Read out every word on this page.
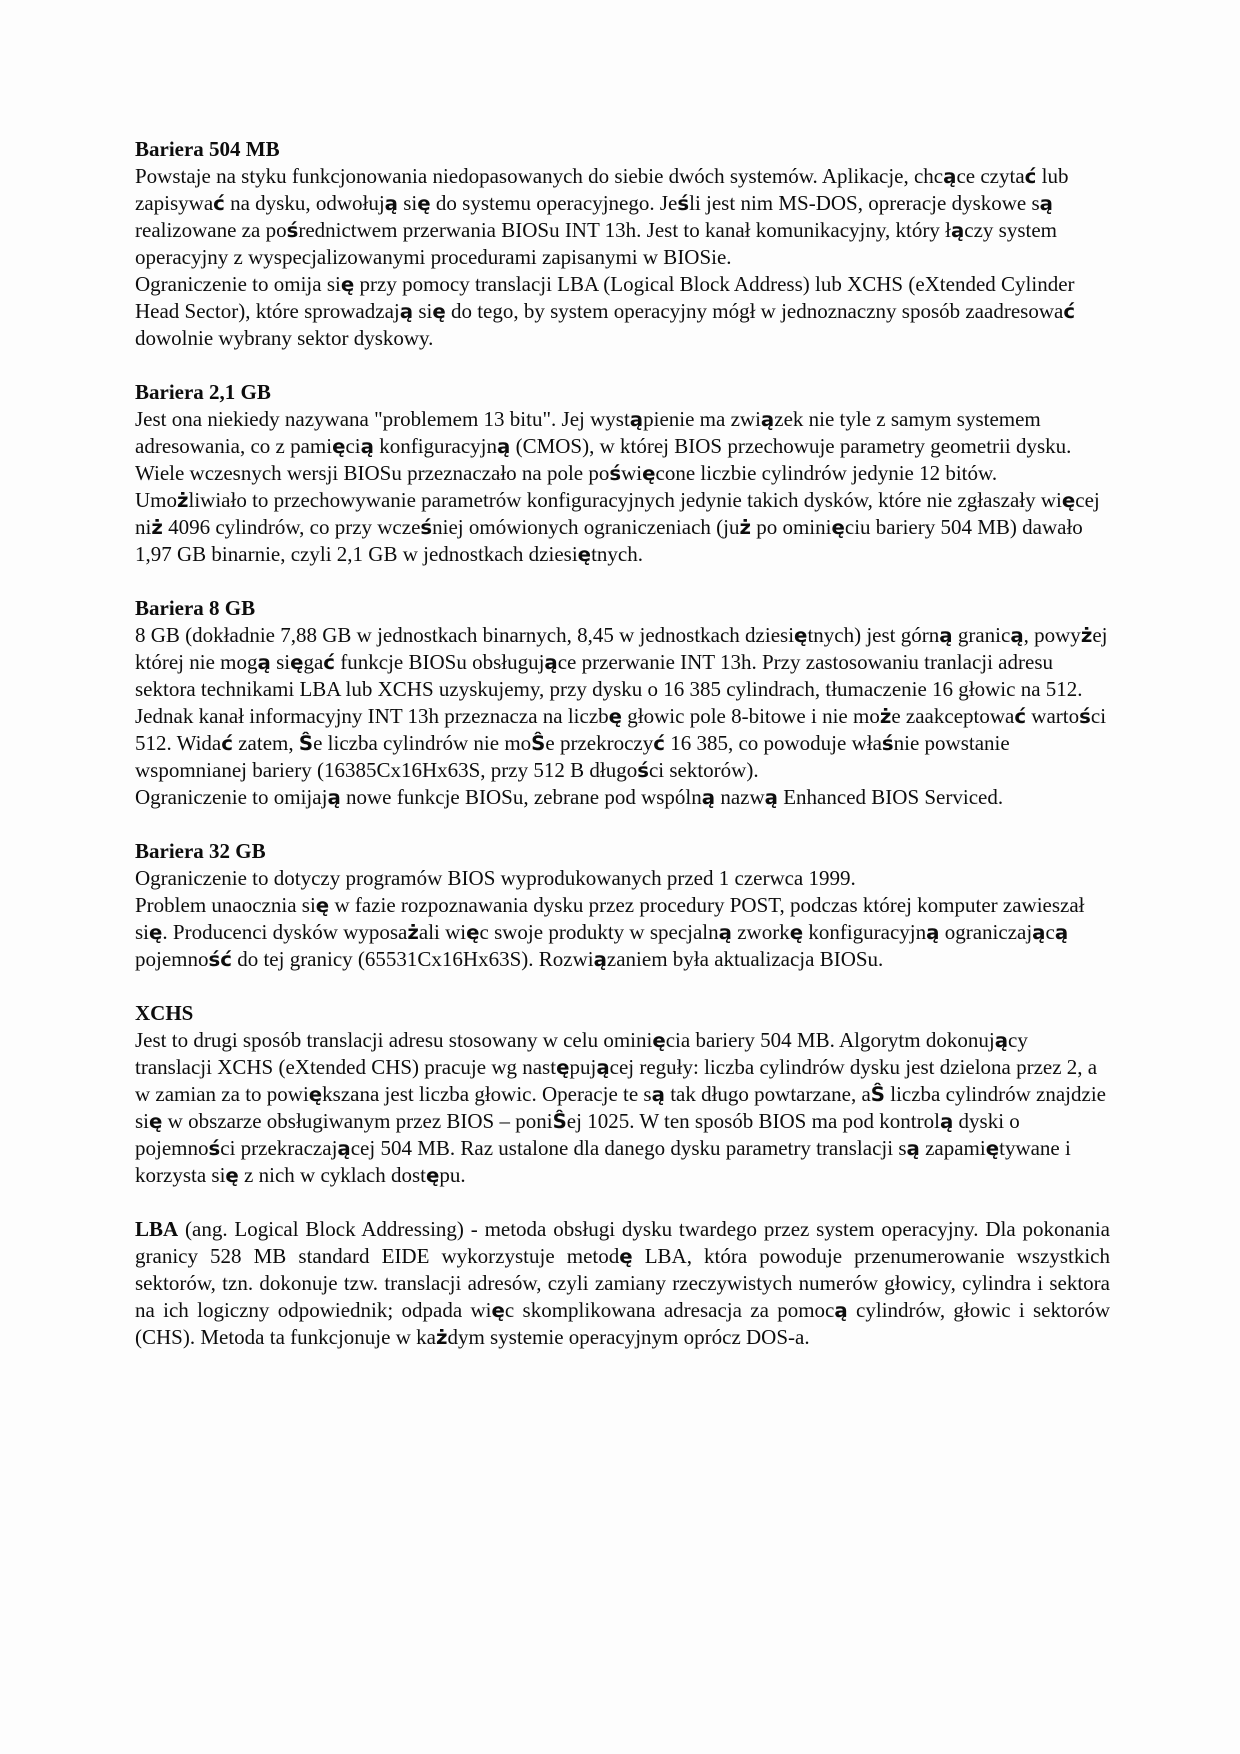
Bariera 504 MB

Powstaje na styku funkcjonowania niedopasowanych do siebie dwóch systemów. Aplikacje, chcące czytać lub zapisywać na dysku, odwołują się do systemu operacyjnego. Jeśli jest nim MS-DOS, opreracje dyskowe są realizowane za pośrednictwem przerwania BIOSu INT 13h. Jest to kanał komunikacyjny, który łączy system operacyjny z wyspecjalizowanymi procedurami zapisanymi w BIOSie.

Ograniczenie to omija się przy pomocy translacji LBA (Logical Block Address) lub XCHS (eXtended Cylinder Head Sector), które sprowadzają się do tego, by system operacyjny mógł w jednoznaczny sposób zaadresować dowolnie wybrany sektor dyskowy.

Bariera 2,1 GB

Jest ona niekiedy nazywana "problemem 13 bitu". Jej wystąpienie ma związek nie tyle z samym systemem adresowania, co z pamięcią konfiguracyjną (CMOS), w której BIOS przechowuje parametry geometrii dysku.

Wiele wczesnych wersji BIOSu przeznaczało na pole poświęcone liczbie cylindrów jedynie 12 bitów. Umożliwiało to przechowywanie parametrów konfiguracyjnych jedynie takich dysków, które nie zgłaszały więcej niż 4096 cylindrów, co przy wcześniej omówionych ograniczeniach (już po ominięciu bariery 504 MB) dawało 1,97 GB binarnie, czyli 2,1 GB w jednostkach dziesiętnych.

Bariera 8 GB

8 GB (dokładnie 7,88 GB w jednostkach binarnych, 8,45 w jednostkach dziesiętnych) jest górną granicą, powyżej której nie mogą sięgać funkcje BIOSu obsługujące przerwanie INT 13h. Przy zastosowaniu tranlacji adresu sektora technikami LBA lub XCHS uzyskujemy, przy dysku o 16 385 cylindrach, tłumaczenie 16 głowic na 512. Jednak kanał informacyjny INT 13h przeznacza na liczbę głowic pole 8-bitowe i nie może zaakceptować wartości 512. Widać zatem, Ŝe liczba cylindrów nie moŜe przekroczyć 16 385, co powoduje właśnie powstanie wspomnianej bariery (16385Cx16Hx63S, przy 512 B długości sektorów).

Ograniczenie to omijają nowe funkcje BIOSu, zebrane pod wspólną nazwą Enhanced BIOS Serviced.

Bariera 32 GB

Ograniczenie to dotyczy programów BIOS wyprodukowanych przed 1 czerwca 1999.

Problem unaocznia się w fazie rozpoznawania dysku przez procedury POST, podczas której komputer zawieszał się. Producenci dysków wyposażali więc swoje produkty w specjalną zworkę konfiguracyjną ograniczającą pojemność do tej granicy (65531Cx16Hx63S). Rozwiązaniem była aktualizacja BIOSu.

XCHS

Jest to drugi sposób translacji adresu stosowany w celu ominięcia bariery 504 MB. Algorytm dokonujący translacji XCHS (eXtended CHS) pracuje wg następującej reguły: liczba cylindrów dysku jest dzielona przez 2, a w zamian za to powiększana jest liczba głowic. Operacje te są tak długo powtarzane, aŜ liczba cylindrów znajdzie się w obszarze obsługiwanym przez BIOS – poniŜej 1025. W ten sposób BIOS ma pod kontrolą dyski o pojemności przekraczającej 504 MB. Raz ustalone dla danego dysku parametry translacji są zapamiętywane i korzysta się z nich w cyklach dostępu.

LBA (ang. Logical Block Addressing) - metoda obsługi dysku twardego przez system operacyjny. Dla pokonania granicy 528 MB standard EIDE wykorzystuje metodę LBA, która powoduje przenumerowanie wszystkich sektorów, tzn. dokonuje tzw. translacji adresów, czyli zamiany rzeczywistych numerów głowicy, cylindra i sektora na ich logiczny odpowiednik; odpada więc skomplikowana adresacja za pomocą cylindrów, głowic i sektorów (CHS). Metoda ta funkcjonuje w każdym systemie operacyjnym oprócz DOS-a.
